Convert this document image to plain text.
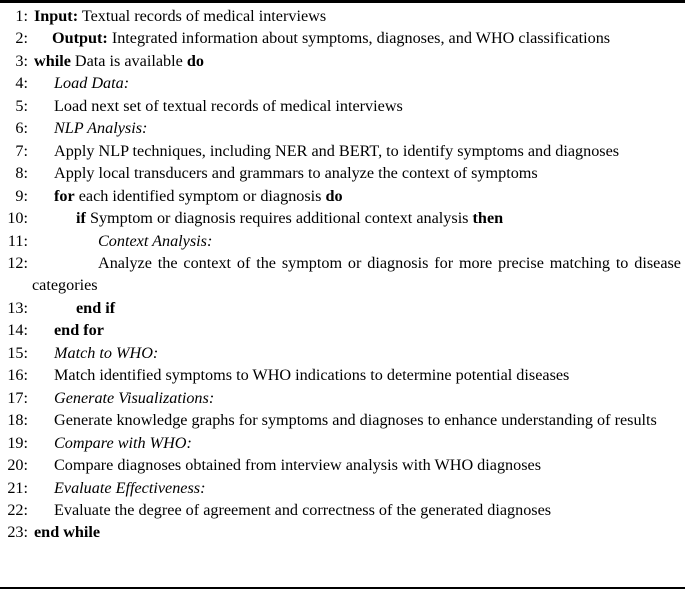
1: Input: Textual records of medical interviews
2:	Output: Integrated information about symptoms, diagnoses, and WHO classifications
3: while Data is available do
4:	Load Data:
5:	Load next set of textual records of medical interviews
6:	NLP Analysis:
7:	Apply NLP techniques, including NER and BERT, to identify symptoms and diagnoses
8:	Apply local transducers and grammars to analyze the context of symptoms
9:	for each identified symptom or diagnosis do
10:	if Symptom or diagnosis requires additional context analysis then
11:	Context Analysis:
12:	Analyze the context of the symptom or diagnosis for more precise matching to disease categories
13:	end if
14:	end for
15:	Match to WHO:
16:	Match identified symptoms to WHO indications to determine potential diseases
17:	Generate Visualizations:
18:	Generate knowledge graphs for symptoms and diagnoses to enhance understanding of results
19:	Compare with WHO:
20:	Compare diagnoses obtained from interview analysis with WHO diagnoses
21:	Evaluate Effectiveness:
22:	Evaluate the degree of agreement and correctness of the generated diagnoses
23: end while
